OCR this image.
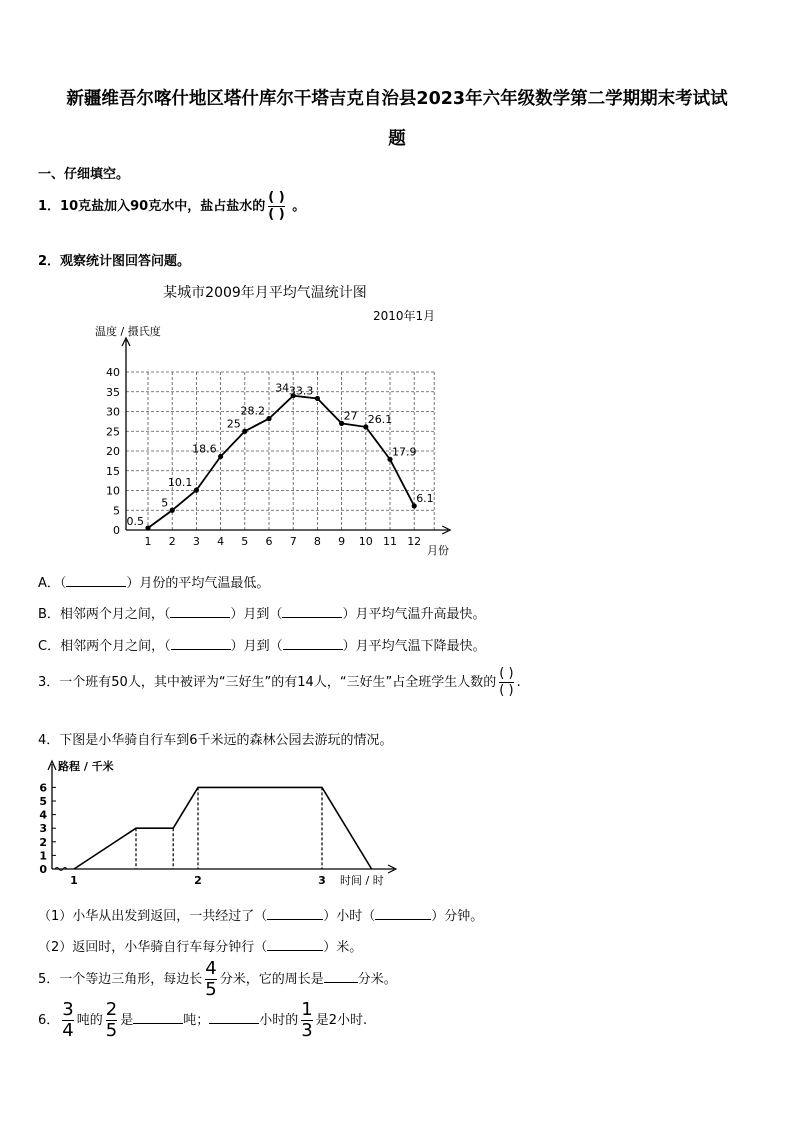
新疆维吾尔喀什地区塔什库尔干塔吉克自治县2023年六年级数学第二学期期末考试试
题
一、仔细填空。
1．10克盐加入90克水中，盐占盐水的 $\frac{( )}{( )}$ 。
2．观察统计图回答问题。
某城市2009年月平均气温统计图
2010年1月
温度 / 摄氏度
月份
0
5
10
15
20
25
30
35
40
1 2 3 4 5 6 7 8 9 10 11 12
0.5
5
10.1
18.6
25
28.2
34 33.3
27 26.1
17.9
6.1
A．（	）月份的平均气温最低。
B．相邻两个月之间，（	）月到（	）月平均气温升高最快。
C．相邻两个月之间，（	）月到（	）月平均气温下降最快。
3．一个班有50人，其中被评为“三好生”的有14人，“三好生”占全班学生人数的 $\frac{( )}{( )}$ .
4．下图是小华骑自行车到6千米远的森林公园去游玩的情况。
路程 / 千米
时间 / 时
0
1
2
3
4
5
6
1	2	3
（1）小华从出发到返回，一共经过了（	）小时（	）分钟。
（2）返回时，小华骑自行车每分钟行（	）米。
5．一个等边三角形，每边长 $\frac{4}{5}$ 分米，它的周长是	分米。
6． $\frac{3}{4}$ 吨的 $\frac{2}{5}$ 是	吨；	小时的 $\frac{1}{3}$ 是2小时.
